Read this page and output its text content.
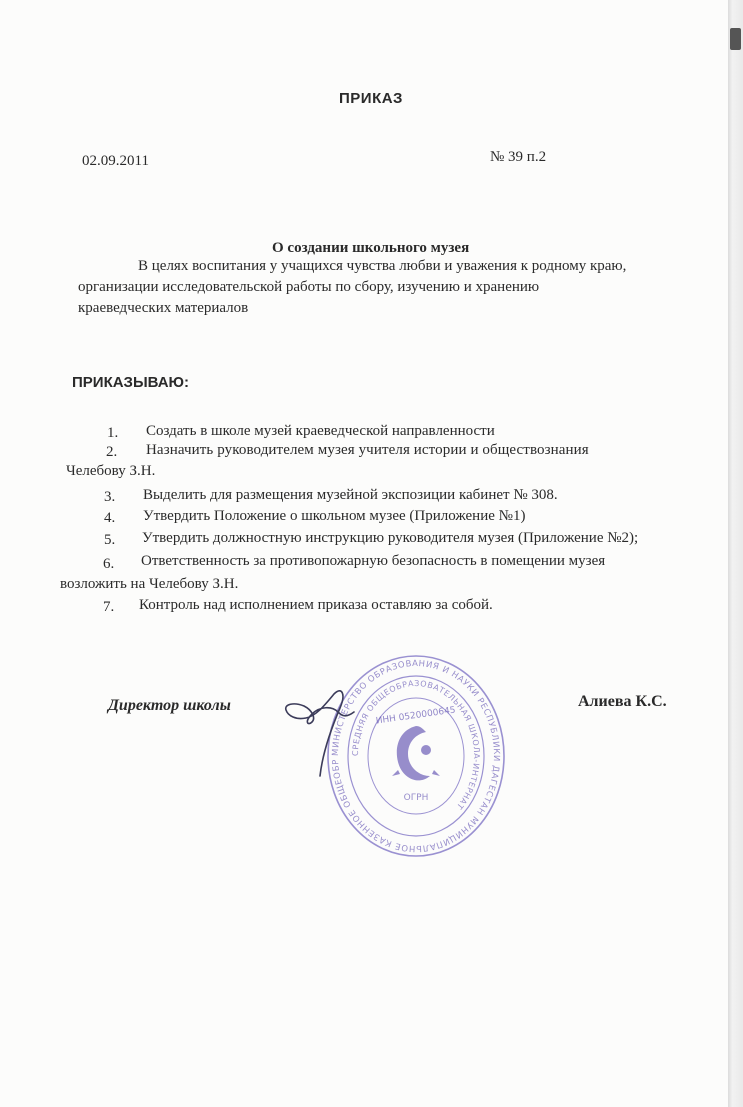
ПРИКАЗ
02.09.2011	№ 39 п.2
О создании школьного музея
В целях воспитания у учащихся чувства любви и уважения к родному краю,
организации исследовательской работы по сбору, изучению и хранению
краеведческих материалов
ПРИКАЗЫВАЮ:
1. Создать в школе музей краеведческой направленности
2. Назначить руководителем музея учителя истории и обществознания
Челебову З.Н.
3. Выделить для размещения музейной экспозиции кабинет № 308.
4. Утвердить Положение о школьном музее (Приложение №1)
5. Утвердить должностную инструкцию руководителя музея (Приложение №2);
6. Ответственность за противопожарную безопасность в помещении музея
возложить на Челебову З.Н.
7. Контроль над исполнением приказа оставляю за собой.
Директор школы	Алиева К.С.
МИНИСТЕРСТВО ОБРАЗОВАНИЯ И НАУКИ РЕСПУБЛИКИ ДАГЕСТАН МУНИЦИПАЛЬНОЕ КАЗЕННОЕ ОБЩЕОБРАЗОВАТЕЛЬНОЕ УЧРЕЖДЕНИЕ
СРЕДНЯЯ ОБЩЕОБРАЗОВАТЕЛЬНАЯ ШКОЛА-ИНТЕРНАТ
ИНН 0520000645
ОГРН
